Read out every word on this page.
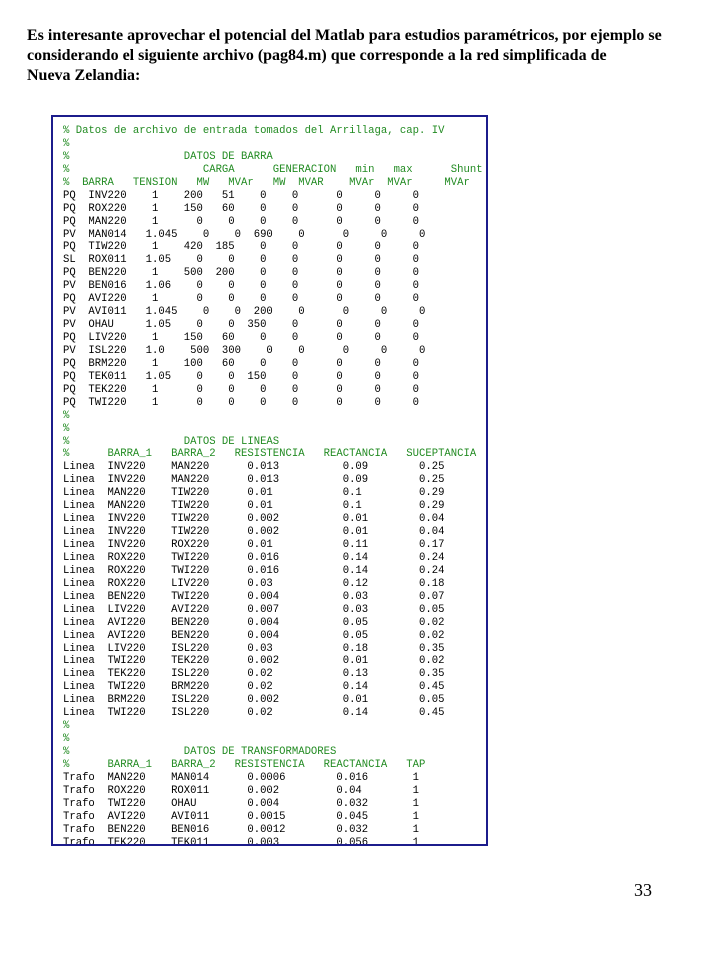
Es interesante aprovechar el potencial del Matlab para estudios paramétricos, por ejemplo se
considerando el siguiente archivo (pag84.m) que corresponde a la red simplificada de
Nueva Zelandia:
% Datos de archivo de entrada tomados del Arrillaga, cap. IV
%
%                  DATOS DE BARRA
%                     CARGA      GENERACION   min   max      Shunt
%  BARRA   TENSION   MW   MVAr   MW  MVAR    MVAr  MVAr     MVAr
PQ  INV220    1    200   51    0    0      0     0     0
PQ  ROX220    1    150   60    0    0      0     0     0
PQ  MAN220    1      0    0    0    0      0     0     0
PV  MAN014   1.045    0    0  690    0      0     0     0
PQ  TIW220    1    420  185    0    0      0     0     0
SL  ROX011   1.05    0    0    0    0      0     0     0
PQ  BEN220    1    500  200    0    0      0     0     0
PV  BEN016   1.06    0    0    0    0      0     0     0
PQ  AVI220    1      0    0    0    0      0     0     0
PV  AVI011   1.045    0    0  200    0      0     0     0
PV  OHAU     1.05    0    0  350    0      0     0     0
PQ  LIV220    1    150   60    0    0      0     0     0
PV  ISL220   1.0    500  300    0    0      0     0     0
PQ  BRM220    1    100   60    0    0      0     0     0
PQ  TEK011   1.05    0    0  150    0      0     0     0
PQ  TEK220    1      0    0    0    0      0     0     0
PQ  TWI220    1      0    0    0    0      0     0     0
%
%
%                  DATOS DE LINEAS
%      BARRA_1   BARRA_2   RESISTENCIA   REACTANCIA   SUCEPTANCIA
Linea  INV220    MAN220      0.013          0.09        0.25
Linea  INV220    MAN220      0.013          0.09        0.25
Linea  MAN220    TIW220      0.01           0.1         0.29
Linea  MAN220    TIW220      0.01           0.1         0.29
Linea  INV220    TIW220      0.002          0.01        0.04
Linea  INV220    TIW220      0.002          0.01        0.04
Linea  INV220    ROX220      0.01           0.11        0.17
Linea  ROX220    TWI220      0.016          0.14        0.24
Linea  ROX220    TWI220      0.016          0.14        0.24
Linea  ROX220    LIV220      0.03           0.12        0.18
Linea  BEN220    TWI220      0.004          0.03        0.07
Linea  LIV220    AVI220      0.007          0.03        0.05
Linea  AVI220    BEN220      0.004          0.05        0.02
Linea  AVI220    BEN220      0.004          0.05        0.02
Linea  LIV220    ISL220      0.03           0.18        0.35
Linea  TWI220    TEK220      0.002          0.01        0.02
Linea  TEK220    ISL220      0.02           0.13        0.35
Linea  TWI220    BRM220      0.02           0.14        0.45
Linea  BRM220    ISL220      0.002          0.01        0.05
Linea  TWI220    ISL220      0.02           0.14        0.45
%
%
%                  DATOS DE TRANSFORMADORES
%      BARRA_1   BARRA_2   RESISTENCIA   REACTANCIA   TAP
Trafo  MAN220    MAN014      0.0006        0.016       1
Trafo  ROX220    ROX011      0.002         0.04        1
Trafo  TWI220    OHAU        0.004         0.032       1
Trafo  AVI220    AVI011      0.0015        0.045       1
Trafo  BEN220    BEN016      0.0012        0.032       1
Trafo  TEK220    TEK011      0.003         0.056       1
33
